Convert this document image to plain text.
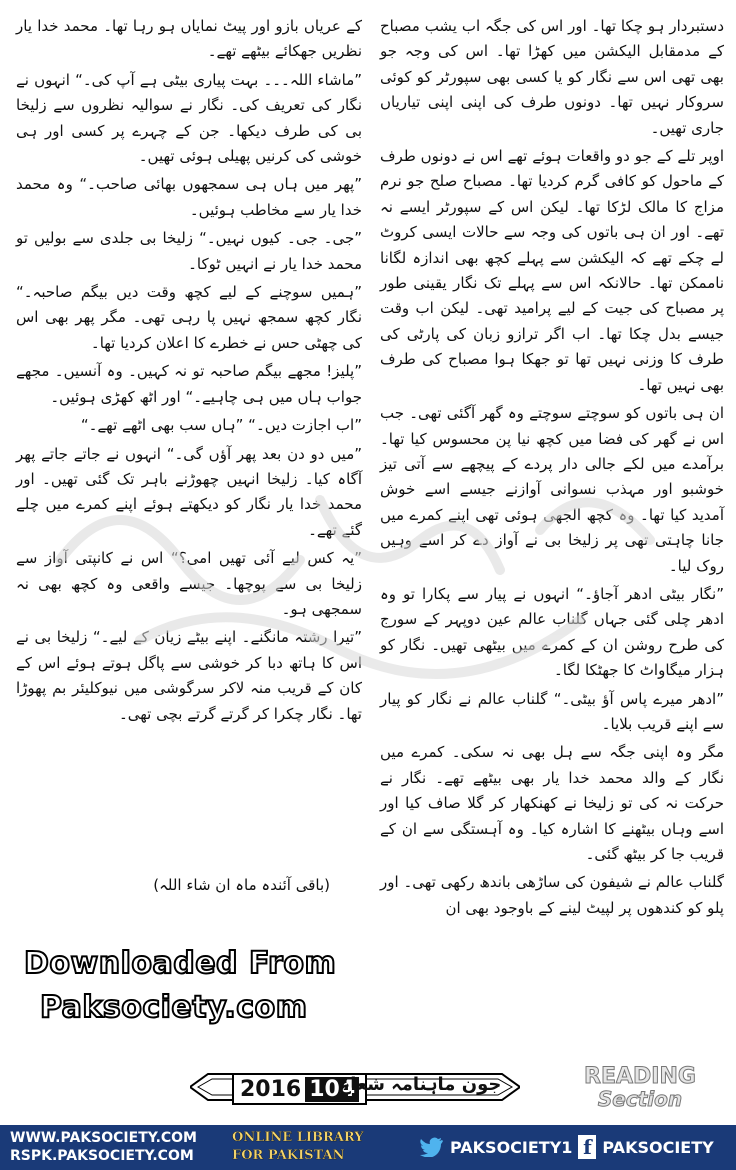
دستبردار ہو چکا تھا۔ اور اس کی جگہ اب یشب مصباح کے مدمقابل الیکشن میں کھڑا تھا۔ اس کی وجہ جو بھی تھی اس سے نگار کو یا کسی بھی سپورٹر کو کوئی سروکار نہیں تھا۔ دونوں طرف کی اپنی اپنی تیاریاں جاری تھیں۔

اوپر تلے کے جو دو واقعات ہوئے تھے اس نے دونوں طرف کے ماحول کو کافی گرم کردیا تھا۔ مصباح صلح جو نرم مزاج کا مالک لڑکا تھا۔ لیکن اس کے سپورٹر ایسے نہ تھے۔ اور ان ہی باتوں کی وجہ سے حالات ایسی کروٹ لے چکے تھے کہ الیکشن سے پہلے کچھ بھی اندازہ لگانا ناممکن تھا۔ حالانکہ اس سے پہلے تک نگار یقینی طور پر مصباح کی جیت کے لیے پرامید تھی۔ لیکن اب وقت جیسے بدل چکا تھا۔ اب اگر ترازو زبان کی پارٹی کی طرف کا وزنی نہیں تھا تو جھکا ہوا مصباح کی طرف بھی نہیں تھا۔

ان ہی باتوں کو سوچتے سوچتے وہ گھر آگئی تھی۔ جب اس نے گھر کی فضا میں کچھ نیا پن محسوس کیا تھا۔ برآمدے میں لکے جالی دار پردے کے پیچھے سے آتی تیز خوشبو اور مہذب نسوانی آوازنے جیسے اسے خوش آمدید کیا تھا۔ وہ کچھ الجھی ہوئی تھی اپنے کمرے میں جانا چاہتی تھی پر زلیخا بی نے آواز دے کر اسے وہیں روک لیا۔

”نگار بیٹی ادھر آجاؤ۔“ انہوں نے پیار سے پکارا تو وہ ادھر چلی گئی جہاں گلناب عالم عین دوپہر کے سورج کی طرح روشن ان کے کمرے میں بیٹھی تھیں۔ نگار کو ہزار میگاواٹ کا جھٹکا لگا۔

”ادھر میرے پاس آؤ بیٹی۔“ گلناب عالم نے نگار کو پیار سے اپنے قریب بلایا۔

مگر وہ اپنی جگہ سے ہل بھی نہ سکی۔ کمرے میں نگار کے والد محمد خدا یار بھی بیٹھے تھے۔ نگار نے حرکت نہ کی تو زلیخا نے کھنکھار کر گلا صاف کیا اور اسے وہاں بیٹھنے کا اشارہ کیا۔ وہ آہستگی سے ان کے قریب جا کر بیٹھ گئی۔

گلناب عالم نے شیفون کی ساڑھی باندھ رکھی تھی۔ اور پلو کو کندھوں پر لپیٹ لینے کے باوجود بھی ان

کے عریاں بازو اور پیٹ نمایاں ہو رہا تھا۔ محمد خدا یار نظریں جھکائے بیٹھے تھے۔

”ماشاء اللہ۔۔۔ بہت پیاری بیٹی ہے آپ کی۔“ انہوں نے نگار کی تعریف کی۔ نگار نے سوالیہ نظروں سے زلیخا بی کی طرف دیکھا۔ جن کے چہرے پر کسی اور ہی خوشی کی کرنیں پھیلی ہوئی تھیں۔

”پھر میں ہاں ہی سمجھوں بھائی صاحب۔“ وہ محمد خدا یار سے مخاطب ہوئیں۔

”جی۔ جی۔ کیوں نہیں۔“ زلیخا بی جلدی سے بولیں تو محمد خدا یار نے انہیں ٹوکا۔

”ہمیں سوچنے کے لیے کچھ وقت دیں بیگم صاحبہ۔“ نگار کچھ سمجھ نہیں پا رہی تھی۔ مگر پھر بھی اس کی چھٹی حس نے خطرے کا اعلان کردیا تھا۔

”پلیز! مجھے بیگم صاحبہ تو نہ کہیں۔ وہ آنسیں۔ مجھے جواب ہاں میں ہی چاہیے۔“ اور اٹھ کھڑی ہوئیں۔

”اب اجازت دیں۔“ ”ہاں سب بھی اٹھے تھے۔“

”میں دو دن بعد پھر آؤں گی۔“ انہوں نے جاتے جاتے پھر آگاہ کیا۔ زلیخا انہیں چھوڑنے باہر تک گئی تھیں۔ اور محمد خدا یار نگار کو دیکھتے ہوئے اپنے کمرے میں چلے گئے تھے۔

”یہ کس لیے آئی تھیں امی؟“ اس نے کانپتی آواز سے زلیخا بی سے پوچھا۔ جیسے واقعی وہ کچھ بھی نہ سمجھی ہو۔

”تیرا رشتہ مانگنے۔ اپنے بیٹے زیان کے لیے۔“ زلیخا بی نے اس کا ہاتھ دبا کر خوشی سے پاگل ہوتے ہوئے اس کے کان کے قریب منہ لاکر سرگوشی میں نیوکلیئر بم پھوڑا تھا۔ نگار چکرا کر گرتے گرتے بچی تھی۔

(باقی آئندہ ماہ ان شاء اللہ)
Downloaded From
Paksociety.com
2016 104	جون ماہنامہ شعاع	READING
Section
WWW.PAKSOCIETY.COM
RSPK.PAKSOCIETY.COM
ONLINE LIBRARY
FOR PAKISTAN	PAKSOCIETY1 f PAKSOCIETY
